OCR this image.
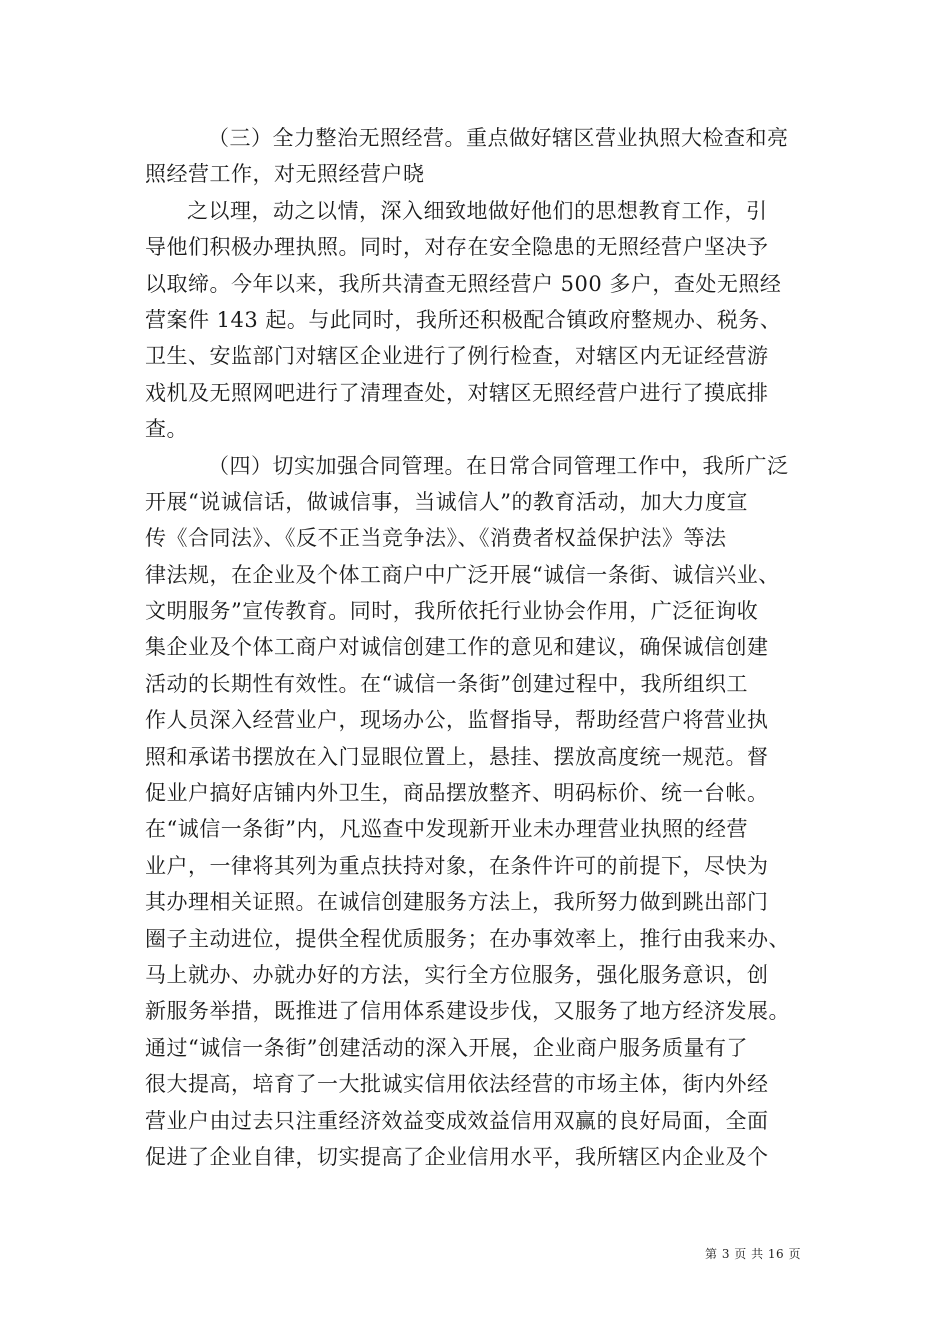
（三）全力整治无照经营。重点做好辖区营业执照大检查和亮
照经营工作，对无照经营户晓
之以理，动之以情，深入细致地做好他们的思想教育工作，引
导他们积极办理执照。同时，对存在安全隐患的无照经营户坚决予
以取缔。今年以来，我所共清查无照经营户 500 多户，查处无照经
营案件 143 起。与此同时，我所还积极配合镇政府整规办、税务、
卫生、安监部门对辖区企业进行了例行检查，对辖区内无证经营游
戏机及无照网吧进行了清理查处，对辖区无照经营户进行了摸底排
查。
（四）切实加强合同管理。在日常合同管理工作中，我所广泛
开展“说诚信话，做诚信事，当诚信人”的教育活动，加大力度宣
传《合同法》、《反不正当竞争法》、《消费者权益保护法》等法
律法规，在企业及个体工商户中广泛开展“诚信一条街、诚信兴业、
文明服务”宣传教育。同时，我所依托行业协会作用，广泛征询收
集企业及个体工商户对诚信创建工作的意见和建议，确保诚信创建
活动的长期性有效性。在“诚信一条街”创建过程中，我所组织工
作人员深入经营业户，现场办公，监督指导，帮助经营户将营业执
照和承诺书摆放在入门显眼位置上，悬挂、摆放高度统一规范。督
促业户搞好店铺内外卫生，商品摆放整齐、明码标价、统一台帐。
在“诚信一条街”内，凡巡查中发现新开业未办理营业执照的经营
业户，一律将其列为重点扶持对象，在条件许可的前提下，尽快为
其办理相关证照。在诚信创建服务方法上，我所努力做到跳出部门
圈子主动进位，提供全程优质服务；在办事效率上，推行由我来办、
马上就办、办就办好的方法，实行全方位服务，强化服务意识，创
新服务举措，既推进了信用体系建设步伐，又服务了地方经济发展。
通过“诚信一条街”创建活动的深入开展，企业商户服务质量有了
很大提高，培育了一大批诚实信用依法经营的市场主体，街内外经
营业户由过去只注重经济效益变成效益信用双赢的良好局面，全面
促进了企业自律，切实提高了企业信用水平，我所辖区内企业及个
第 3 页 共 16 页
